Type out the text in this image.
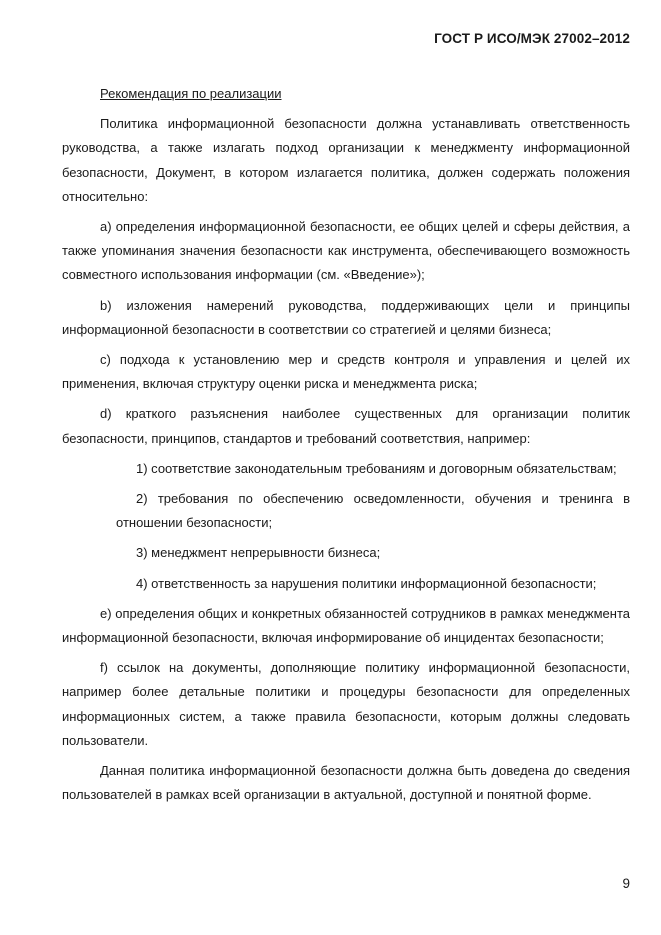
ГОСТ Р ИСО/МЭК 27002–2012

Рекомендация по реализации

Политика информационной безопасности должна устанавливать ответственность руководства, а также излагать подход организации к менеджменту информационной безопасности, Документ, в котором излагается политика, должен содержать положения относительно:

a) определения информационной безопасности, ее общих целей и сферы действия, а также упоминания значения безопасности как инструмента, обеспечивающего возможность совместного использования информации (см. «Введение»);

b) изложения намерений руководства, поддерживающих цели и принципы информационной безопасности в соответствии со стратегией и целями бизнеса;

c) подхода к установлению мер и средств контроля и управления и целей их применения, включая структуру оценки риска и менеджмента риска;

d) краткого разъяснения наиболее существенных для организации политик безопасности, принципов, стандартов и требований соответствия, например:

1) соответствие законодательным требованиям и договорным обязательствам;

2) требования по обеспечению осведомленности, обучения и тренинга в отношении безопасности;

3) менеджмент непрерывности бизнеса;

4) ответственность за нарушения политики информационной безопасности;

e) определения общих и конкретных обязанностей сотрудников в рамках менеджмента информационной безопасности, включая информирование об инцидентах безопасности;

f) ссылок на документы, дополняющие политику информационной безопасности, например более детальные политики и процедуры безопасности для определенных информационных систем, а также правила безопасности, которым должны следовать пользователи.

Данная политика информационной безопасности должна быть доведена до сведения пользователей в рамках всей организации в актуальной, доступной и понятной форме.

9
